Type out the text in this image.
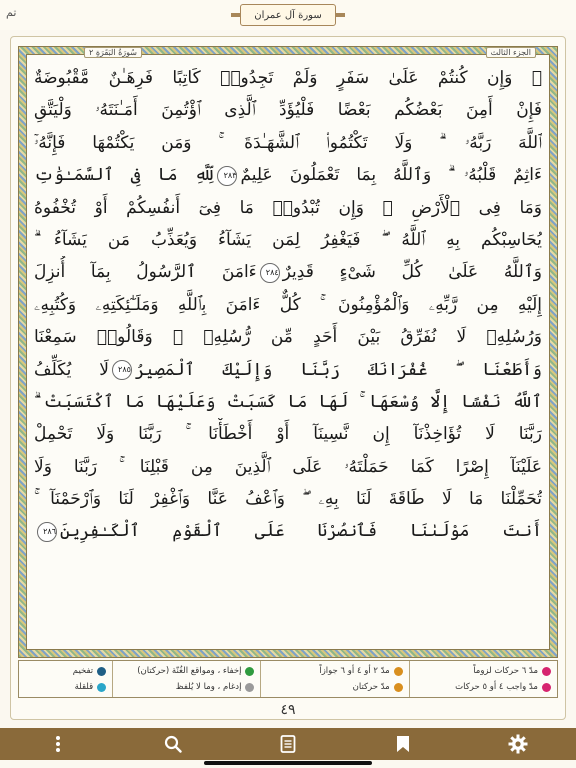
تم	سورة آل عمران
الجزء الثالث
سُورَةُ البَقَرَةِ ٢
۞ وَإِن كُنتُمْ عَلَىٰ سَفَرٍ وَلَمْ تَجِدُوا۟ كَاتِبًا فَرِهَـٰنٌ مَّقْبُوضَةٌ
فَإِنْ أَمِنَ بَعْضُكُم بَعْضًا فَلْيُؤَدِّ ٱلَّذِى ٱؤْتُمِنَ أَمَـٰنَتَهُۥ وَلْيَتَّقِ
ٱللَّهَ رَبَّهُۥ ۗ وَلَا تَكْتُمُوا۟ ٱلشَّهَـٰدَةَ ۚ وَمَن يَكْتُمْهَا فَإِنَّهُۥٓ
ءَاثِمٌ قَلْبُهُۥ ۗ وَٱللَّهُ بِمَا تَعْمَلُونَ عَلِيمٌ٢٨٣لِّلَّهِ مَا فِى ٱلسَّمَـٰوَٰتِ
وَمَا فِى ٱلْأَرْضِ ۗ وَإِن تُبْدُوا۟ مَا فِىٓ أَنفُسِكُمْ أَوْ تُخْفُوهُ
يُحَاسِبْكُم بِهِ ٱللَّهُ ۖ فَيَغْفِرُ لِمَن يَشَآءُ وَيُعَذِّبُ مَن يَشَآءُ ۗ
وَٱللَّهُ عَلَىٰ كُلِّ شَىْءٍ قَدِيرٌ٢٨٤ءَامَنَ ٱلرَّسُولُ بِمَآ أُنزِلَ
إِلَيْهِ مِن رَّبِّهِۦ وَٱلْمُؤْمِنُونَ ۚ كُلٌّ ءَامَنَ بِٱللَّهِ وَمَلَـٰٓئِكَتِهِۦ وَكُتُبِهِۦ
وَرُسُلِهِۦ لَا نُفَرِّقُ بَيْنَ أَحَدٍ مِّن رُّسُلِهِۦ ۚ وَقَالُوا۟ سَمِعْنَا
وَأَطَعْنَا ۖ غُفْرَانَكَ رَبَّنَا وَإِلَيْكَ ٱلْمَصِيرُ٢٨٥لَا يُكَلِّفُ
ٱللَّهُ نَفْسًا إِلَّا وُسْعَهَا ۚ لَهَا مَا كَسَبَتْ وَعَلَيْهَا مَا ٱكْتَسَبَتْ ۗ
رَبَّنَا لَا تُؤَاخِذْنَآ إِن نَّسِينَآ أَوْ أَخْطَأْنَا ۚ رَبَّنَا وَلَا تَحْمِلْ
عَلَيْنَآ إِصْرًا كَمَا حَمَلْتَهُۥ عَلَى ٱلَّذِينَ مِن قَبْلِنَا ۚ رَبَّنَا وَلَا
تُحَمِّلْنَا مَا لَا طَاقَةَ لَنَا بِهِۦ ۖ وَٱعْفُ عَنَّا وَٱغْفِرْ لَنَا وَٱرْحَمْنَآ ۚ
أَنتَ مَوْلَىٰنَا فَٱنصُرْنَا عَلَى ٱلْقَوْمِ ٱلْكَـٰفِرِينَ٢٨٦
مدّ ٦ حركات لزوماً
مدّ واجب ٤ أو ٥ حركات
مدّ ٢ أو ٤ أو ٦ جوازاً
مدّ حركتان
إخفاء ، ومواقع الغُنّة (حركتان)
إدغام ، وما لا يُلفظ
تفخيم
قلقلة
٤٩
